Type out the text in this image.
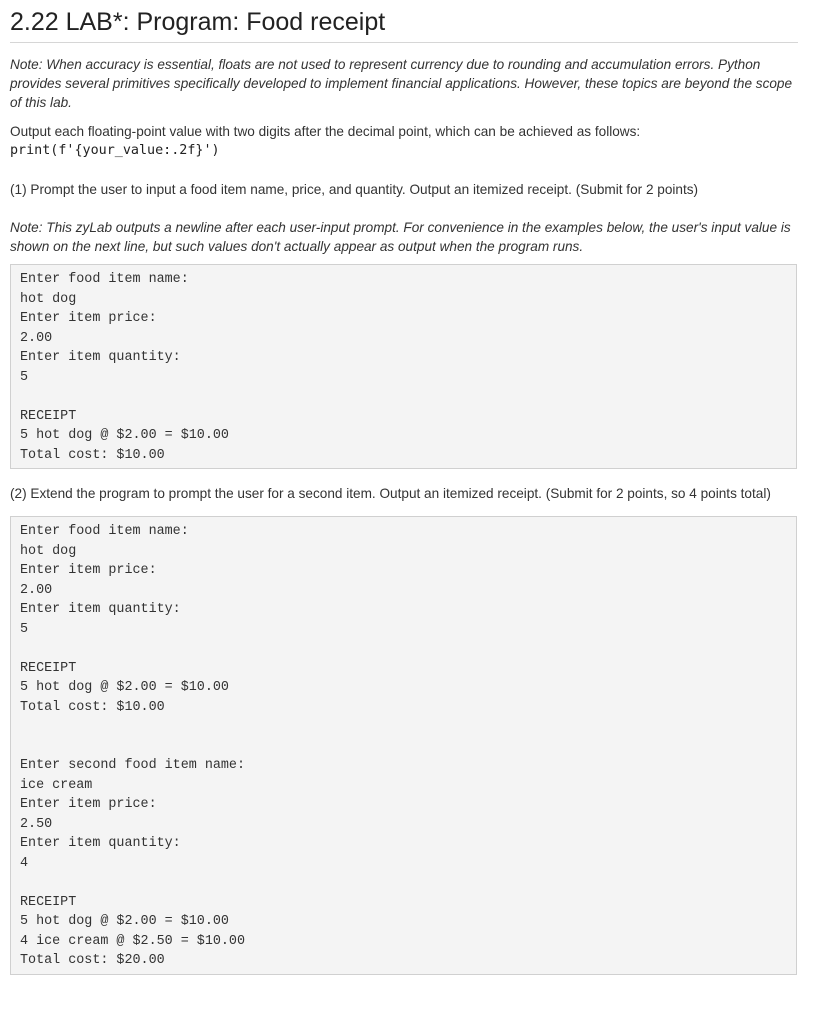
2.22 LAB*: Program: Food receipt

Note: When accuracy is essential, floats are not used to represent currency due to rounding and accumulation errors. Python provides several primitives specifically developed to implement financial applications. However, these topics are beyond the scope of this lab.

Output each floating-point value with two digits after the decimal point, which can be achieved as follows:

print(f'{your_value:.2f}')

(1) Prompt the user to input a food item name, price, and quantity. Output an itemized receipt. (Submit for 2 points)

Note: This zyLab outputs a newline after each user-input prompt. For convenience in the examples below, the user's input value is shown on the next line, but such values don't actually appear as output when the program runs.

Enter food item name:
hot dog
Enter item price:
2.00
Enter item quantity:
5

RECEIPT
5 hot dog @ $2.00 = $10.00
Total cost: $10.00

(2) Extend the program to prompt the user for a second item. Output an itemized receipt. (Submit for 2 points, so 4 points total)

Enter food item name:
hot dog
Enter item price:
2.00
Enter item quantity:
5

RECEIPT
5 hot dog @ $2.00 = $10.00
Total cost: $10.00

Enter second food item name:
ice cream
Enter item price:
2.50
Enter item quantity:
4

RECEIPT
5 hot dog @ $2.00 = $10.00
4 ice cream @ $2.50 = $10.00
Total cost: $20.00
